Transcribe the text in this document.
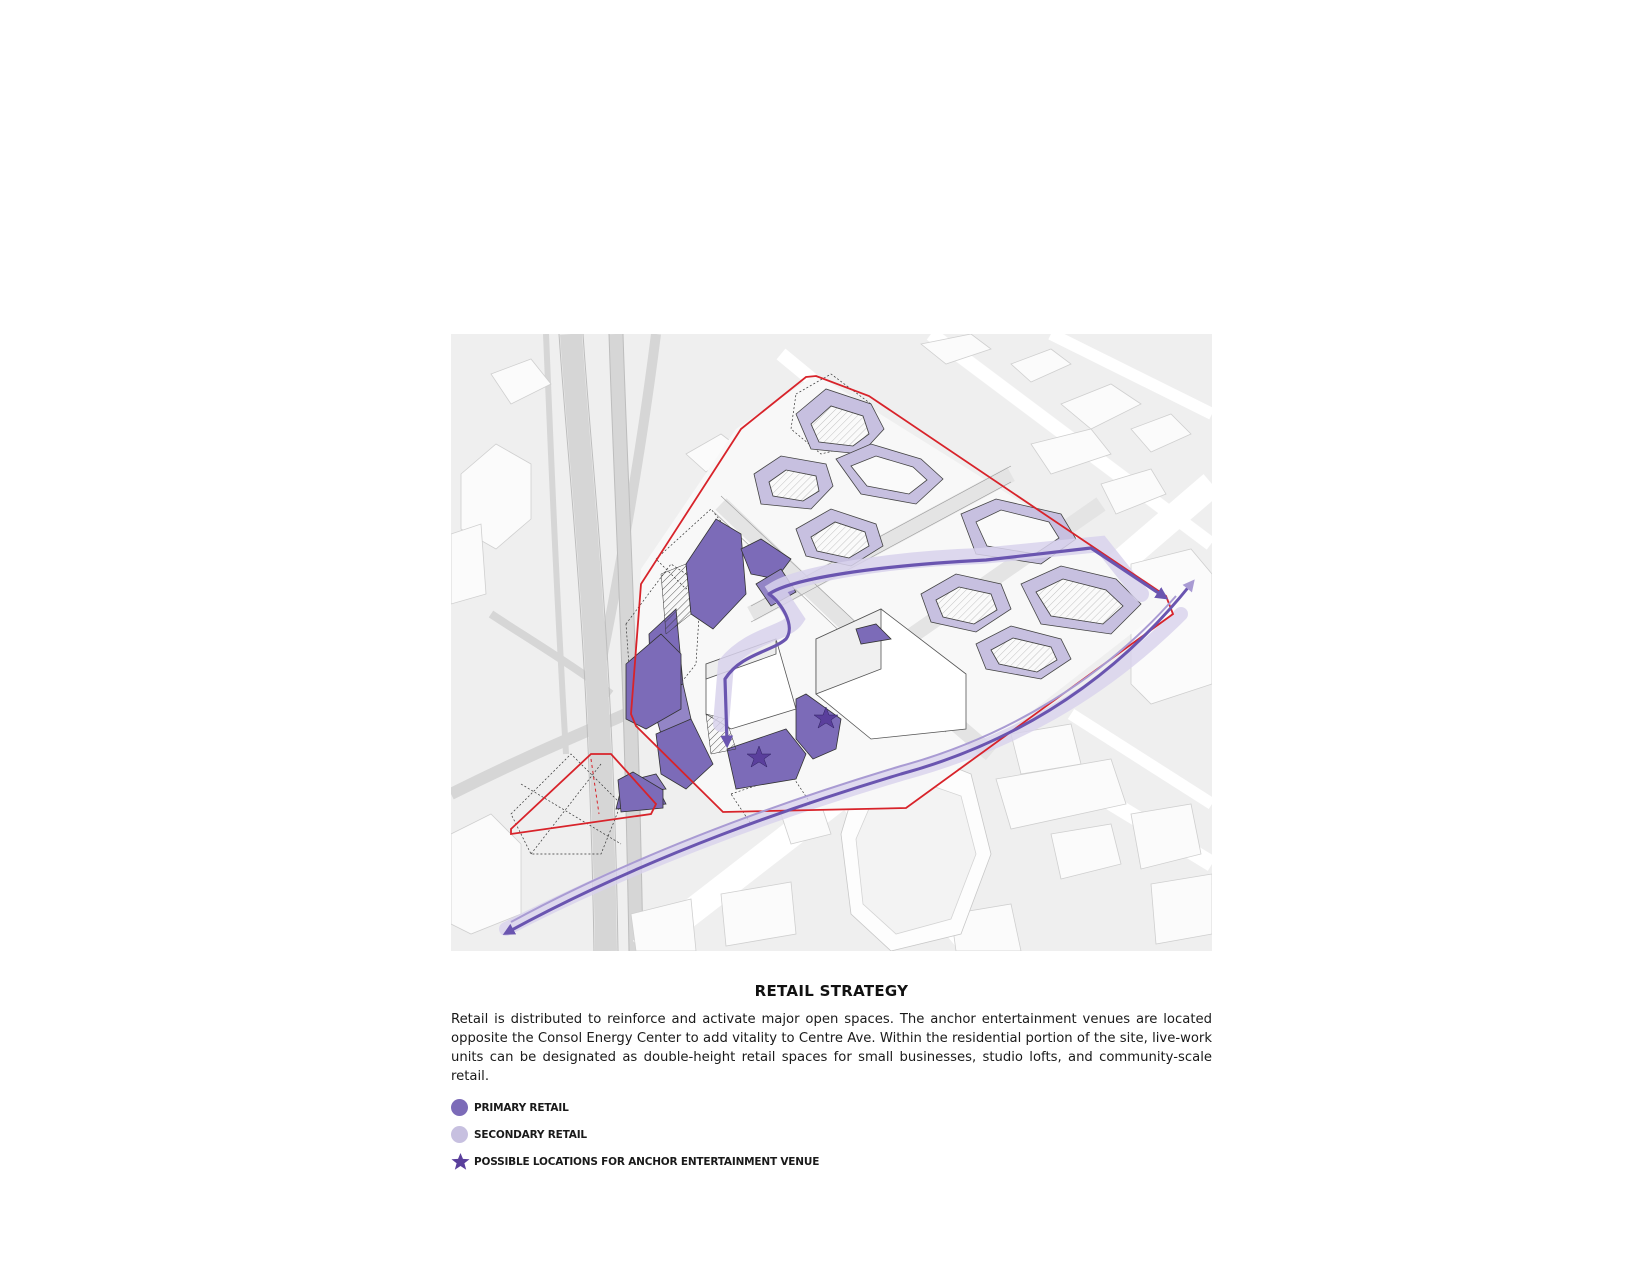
RETAIL STRATEGY

Retail is distributed to reinforce and activate major open spaces. The anchor entertainment venues are located opposite the Consol Energy Center to add vitality to Centre Ave. Within the residential portion of the site, live-work units can be designated as double-height retail spaces for small businesses, studio lofts, and community-scale retail.

PRIMARY RETAIL
SECONDARY RETAIL
POSSIBLE LOCATIONS FOR ANCHOR ENTERTAINMENT VENUE
